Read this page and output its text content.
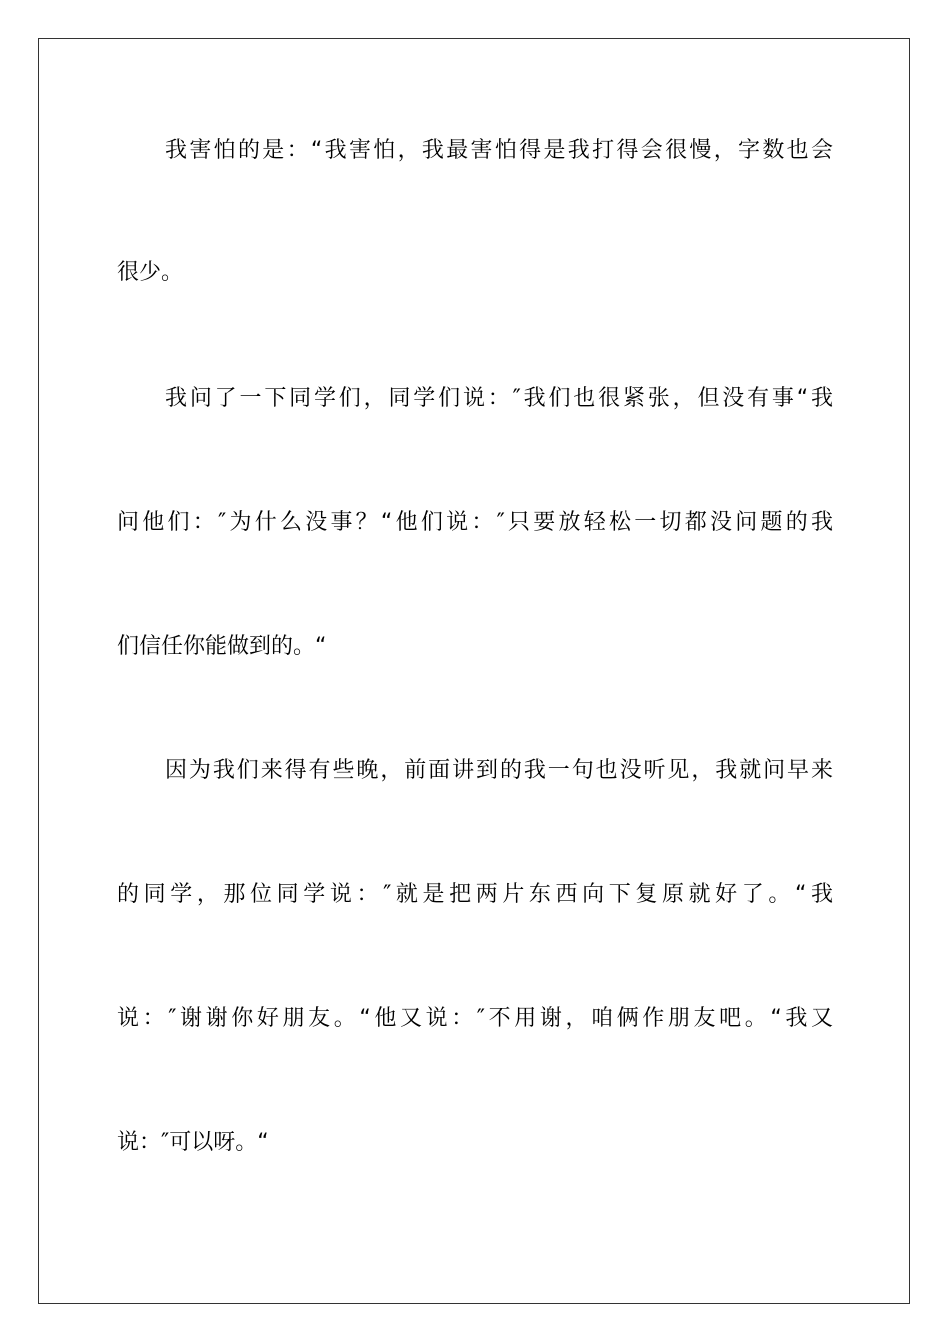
我害怕的是：“我害怕，我最害怕得是我打得会很慢，字数也会
很少。
我问了一下同学们，同学们说：″我们也很紧张，但没有事“我
问他们：″为什么没事？“他们说：″只要放轻松一切都没问题的我
们信任你能做到的。“
因为我们来得有些晚，前面讲到的我一句也没听见，我就问早来
的同学，那位同学说：″就是把两片东西向下复原就好了。“我
说：″谢谢你好朋友。“他又说：″不用谢，咱俩作朋友吧。“我又
说：″可以呀。“
